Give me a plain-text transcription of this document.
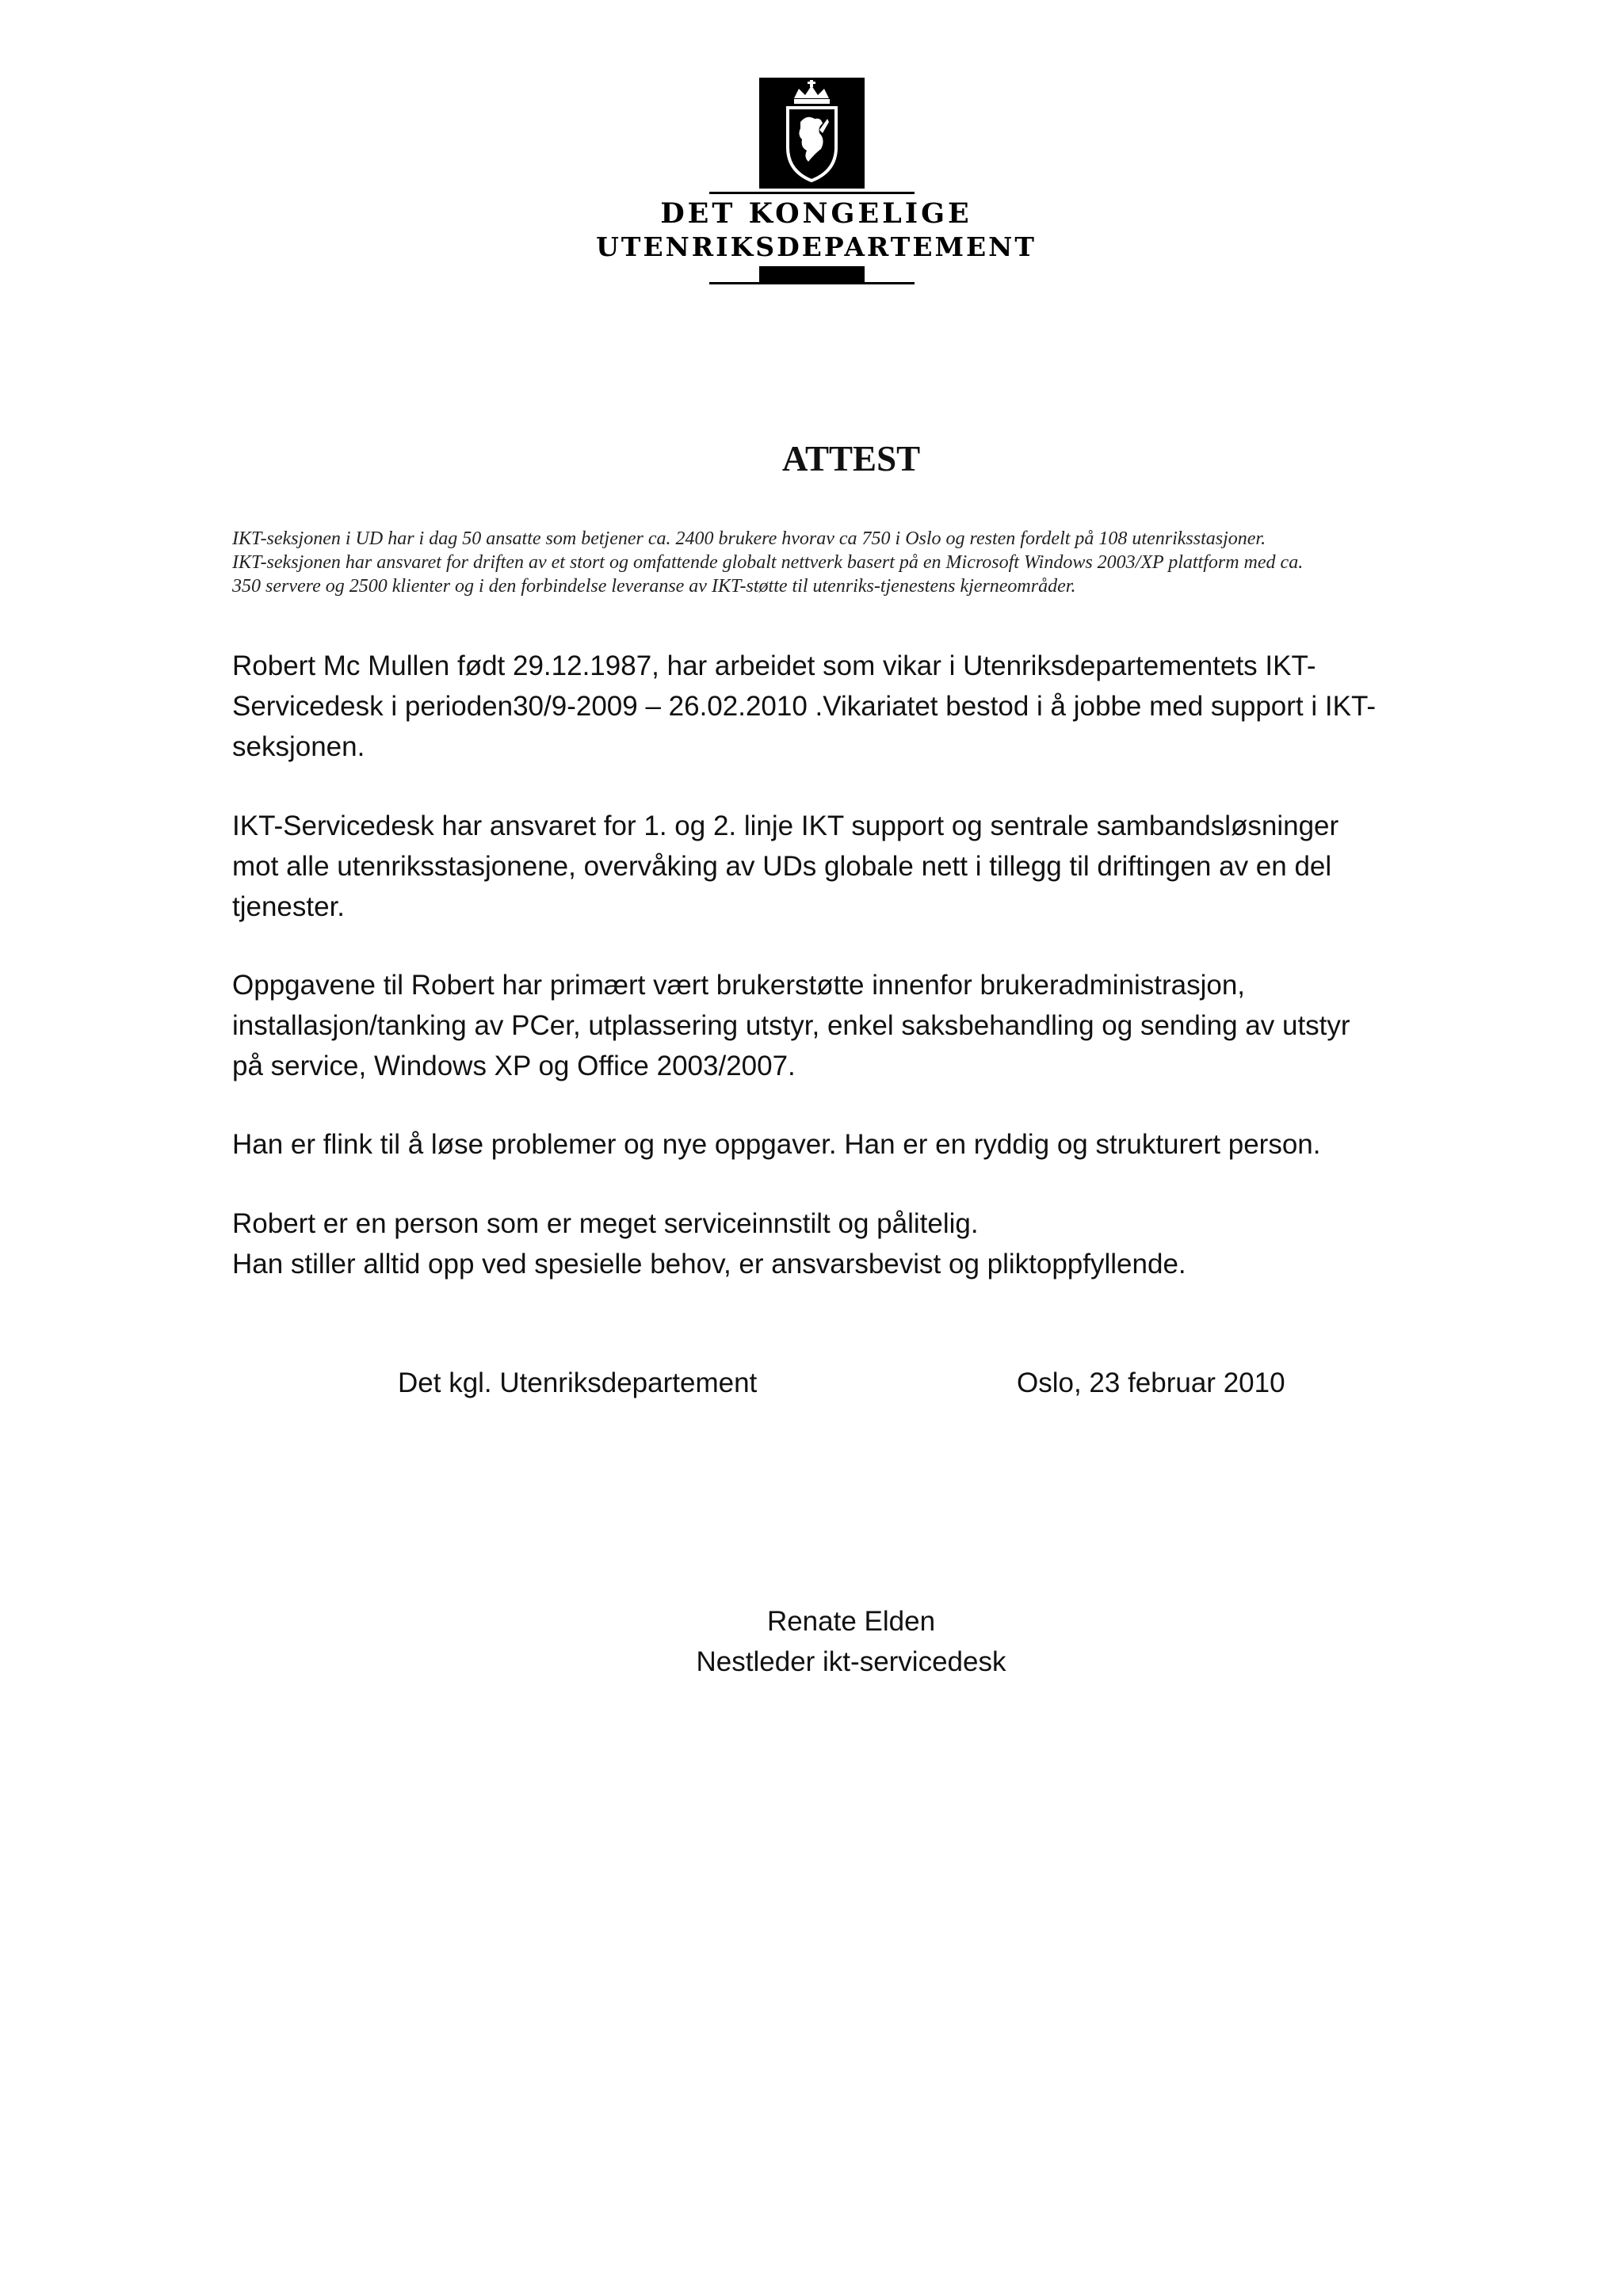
DET KONGELIGE
UTENRIKSDEPARTEMENT
ATTEST
IKT-seksjonen i UD har i dag 50 ansatte som betjener ca. 2400 brukere hvorav ca 750 i Oslo og resten fordelt på 108 utenriksstasjoner.
IKT-seksjonen har ansvaret for driften av et stort og omfattende globalt nettverk basert på en Microsoft Windows 2003/XP plattform med ca.
350 servere og 2500 klienter og i den forbindelse leveranse av IKT-støtte til utenriks-tjenestens kjerneområder.
Robert Mc Mullen født 29.12.1987, har arbeidet som vikar i Utenriksdepartementets IKT-
Servicedesk i perioden30/9-2009 – 26.02.2010 .Vikariatet bestod i å jobbe med support i IKT-
seksjonen.
IKT-Servicedesk har ansvaret for 1. og 2. linje IKT support og sentrale sambandsløsninger
mot alle utenriksstasjonene, overvåking av UDs globale nett i tillegg til driftingen av en del
tjenester.
Oppgavene til Robert har primært vært brukerstøtte innenfor brukeradministrasjon,
installasjon/tanking av PCer, utplassering utstyr, enkel saksbehandling og sending av utstyr
på service, Windows XP og Office 2003/2007.
Han er flink til å løse problemer og nye oppgaver. Han er en ryddig og strukturert person.
Robert er en person som er meget serviceinnstilt og pålitelig.
Han stiller alltid opp ved spesielle behov, er ansvarsbevist og pliktoppfyllende.
Det kgl. Utenriksdepartement	Oslo, 23 februar 2010
Renate Elden
Nestleder ikt-servicedesk
